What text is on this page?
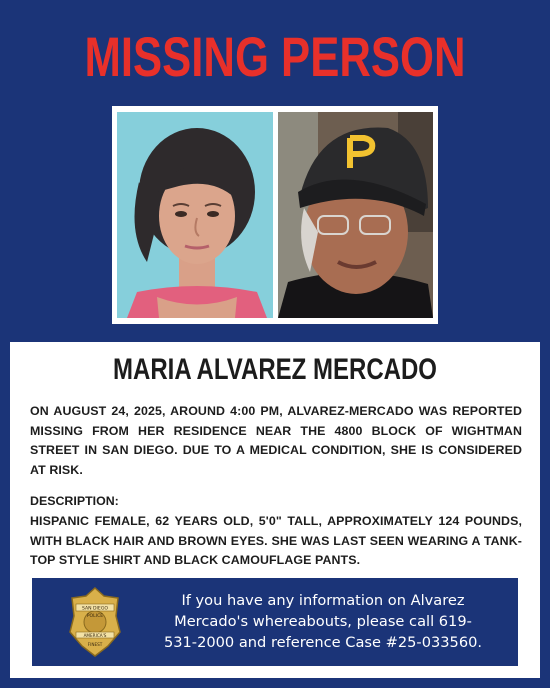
MISSING PERSON
MARIA ALVAREZ MERCADO
ON AUGUST 24, 2025, AROUND 4:00 PM, ALVAREZ-MERCADO WAS REPORTED MISSING FROM HER RESIDENCE NEAR THE 4800 BLOCK OF WIGHTMAN STREET IN SAN DIEGO. DUE TO A MEDICAL CONDITION, SHE IS CONSIDERED AT RISK.
DESCRIPTION:
HISPANIC FEMALE, 62 YEARS OLD, 5'0" TALL, APPROXIMATELY 124 POUNDS, WITH BLACK HAIR AND BROWN EYES. SHE WAS LAST SEEN WEARING A TANK-TOP STYLE SHIRT AND BLACK CAMOUFLAGE PANTS.
SAN DIEGO
POLICE
AMERICA'S
FINEST
If you have any information on Alvarez Mercado's whereabouts, please call 619-531-2000 and reference Case #25-033560.
